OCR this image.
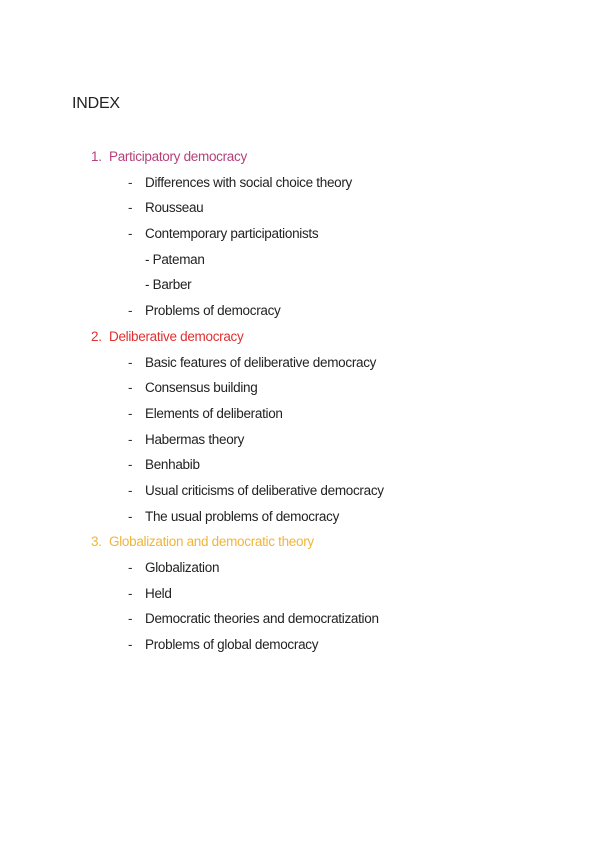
INDEX
1. Participatory democracy
- Differences with social choice theory
- Rousseau
- Contemporary participationists
- Pateman
- Barber
- Problems of democracy
2. Deliberative democracy
- Basic features of deliberative democracy
- Consensus building
- Elements of deliberation
- Habermas theory
- Benhabib
- Usual criticisms of deliberative democracy
- The usual problems of democracy
3. Globalization and democratic theory
- Globalization
- Held
- Democratic theories and democratization
- Problems of global democracy
